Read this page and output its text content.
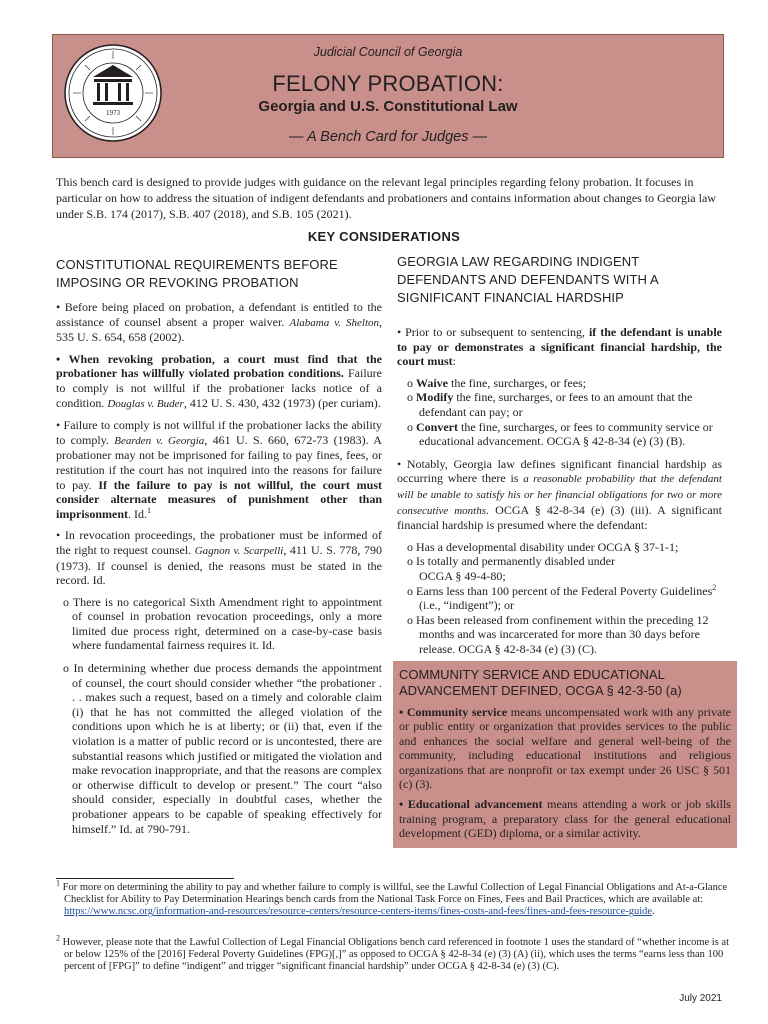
1973
Judicial Council of Georgia
FELONY PROBATION:
Georgia and U.S. Constitutional Law
— A Bench Card for Judges —
This bench card is designed to provide judges with guidance on the relevant legal principles regarding felony probation. It focuses in particular on how to address the situation of indigent defendants and probationers and contains information about changes to Georgia law under S.B. 174 (2017), S.B. 407 (2018), and S.B. 105 (2021).
KEY CONSIDERATIONS
CONSTITUTIONAL REQUIREMENTS BEFORE IMPOSING OR REVOKING PROBATION

• Before being placed on probation, a defendant is entitled to the assistance of counsel absent a proper waiver. Alabama v. Shelton, 535 U. S. 654, 658 (2002).

• When revoking probation, a court must find that the probationer has willfully violated probation conditions. Failure to comply is not willful if the probationer lacks notice of a condition. Douglas v. Buder, 412 U. S. 430, 432 (1973) (per curiam).

• Failure to comply is not willful if the probationer lacks the ability to comply. Bearden v. Georgia, 461 U. S. 660, 672-73 (1983). A probationer may not be imprisoned for failing to pay fines, fees, or restitution if the court has not inquired into the reasons for failure to pay. If the failure to pay is not willful, the court must consider alternate measures of punishment other than imprisonment. Id.$^1$

• In revocation proceedings, the probationer must be informed of the right to request counsel. Gagnon v. Scarpelli, 411 U. S. 778, 790 (1973). If counsel is denied, the reasons must be stated in the record. Id.

o There is no categorical Sixth Amendment right to appointment of counsel in probation revocation proceedings, only a more limited due process right, determined on a case-by-case basis where fundamental fairness requires it. Id.

o In determining whether due process demands the appointment of counsel, the court should consider whether “the probationer . . . makes such a request, based on a timely and colorable claim (i) that he has not committed the alleged violation of the conditions upon which he is at liberty; or (ii) that, even if the violation is a matter of public record or is uncontested, there are substantial reasons which justified or mitigated the violation and make revocation inappropriate, and that the reasons are complex or otherwise difficult to develop or present.” The court “also should consider, especially in doubtful cases, whether the probationer appears to be capable of speaking effectively for himself.” Id. at 790-791.

GEORGIA LAW REGARDING INDIGENT DEFENDANTS AND DEFENDANTS WITH A SIGNIFICANT FINANCIAL HARDSHIP

• Prior to or subsequent to sentencing, if the defendant is unable to pay or demonstrates a significant financial hardship, the court must:

o Waive the fine, surcharges, or fees;
o Modify the fine, surcharges, or fees to an amount that the
defendant can pay; or
o Convert the fine, surcharges, or fees to community service or
educational advancement. OCGA § 42-8-34 (e) (3) (B).

• Notably, Georgia law defines significant financial hardship as occurring where there is a reasonable probability that the defendant will be unable to satisfy his or her financial obligations for two or more consecutive months. OCGA § 42-8-34 (e) (3) (iii). A significant financial hardship is presumed where the defendant:

o Has a developmental disability under OCGA § 37-1-1;
o Is totally and permanently disabled under
OCGA § 49-4-80;
o Earns less than 100 percent of the Federal Poverty Guidelines$^2$
(i.e., “indigent”); or
o Has been released from confinement within the preceding 12
months and was incarcerated for more than 30 days before
release. OCGA § 42-8-34 (e) (3) (C).
COMMUNITY SERVICE AND EDUCATIONAL ADVANCEMENT DEFINED, OCGA § 42-3-50 (a)

• Community service means uncompensated work with any private or public entity or organization that provides services to the public and enhances the social welfare and general well-being of the community, including educational institutions and religious organizations that are nonprofit or tax exempt under 26 USC § 501 (c) (3).

• Educational advancement means attending a work or job skills training program, a preparatory class for the general educational development (GED) diploma, or a similar activity.

$^1$ For more on determining the ability to pay and whether failure to comply is willful, see the Lawful Collection of Legal Financial Obligations and At-a-Glance Checklist for Ability to Pay Determination Hearings bench cards from the National Task Force on Fines, Fees and Bail Practices, which are available at: https://www.ncsc.org/information-and-resources/resource-centers/resource-centers-items/fines-costs-and-fees/fines-and-fees-resource-guide.
$^2$ However, please note that the Lawful Collection of Legal Financial Obligations bench card referenced in footnote 1 uses the standard of “whether income is at or below 125% of the [2016] Federal Poverty Guidelines (FPG)[,]” as opposed to OCGA § 42-8-34 (e) (3) (A) (ii), which uses the terms “earns less than 100 percent of [FPG]” to define “indigent” and trigger “significant financial hardship” under OCGA § 42-8-34 (e) (3) (C).
July 2021
